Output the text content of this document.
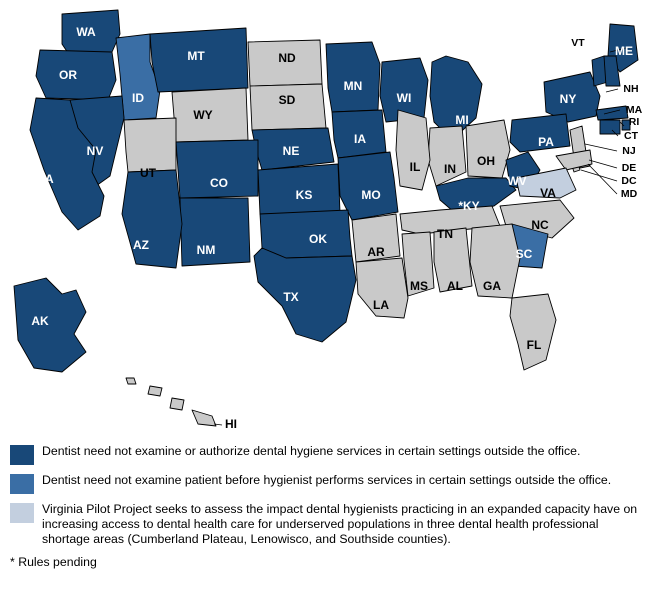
WA
OR
ID
MT	ND
SD
MN
WI
MI
NY
ME
VT
NH
MA
RI
CT
NJ
DE
DC
MD
PA
OH
IN
IL
IA
NE
WY
NV
UT
CO
KS	MO
*KY
WV
VA
NC
TN
SC
GA
AL
MS
AR
LA
FL
OK
TX
NM
AZ
CA
AK
HI
Dentist need not examine or authorize dental hygiene services in certain settings outside the office.
Dentist need not examine patient before hygienist performs services in certain settings outside the office.
Virginia Pilot Project seeks to assess the impact dental hygienists practicing in an expanded capacity have on increasing access to dental health care for underserved populations in three dental health professional shortage areas (Cumberland Plateau, Lenowisco, and Southside counties).
* Rules pending
